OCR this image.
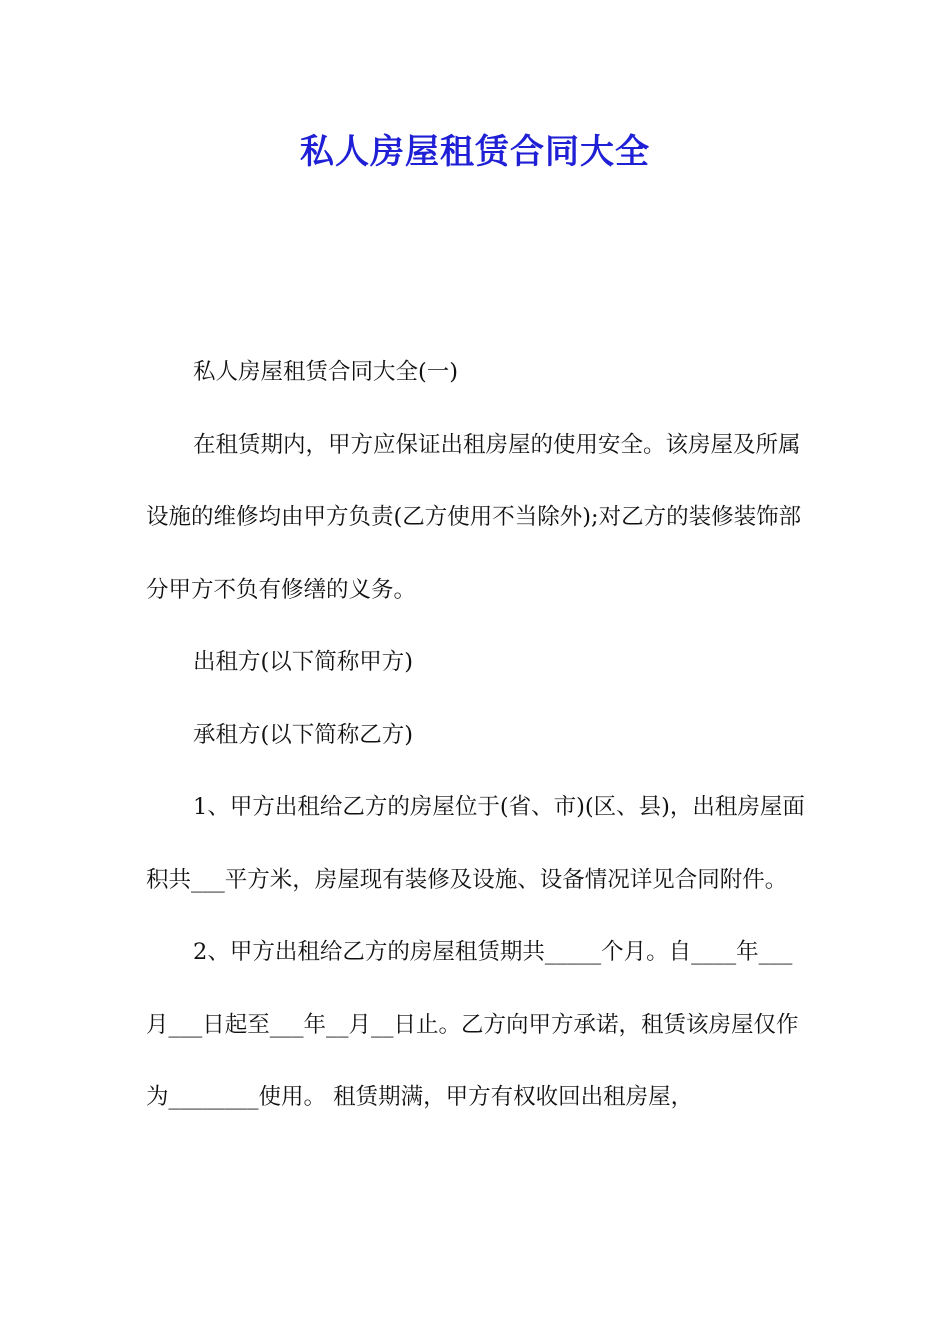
私人房屋租赁合同大全

私人房屋租赁合同大全(一)

在租赁期内，甲方应保证出租房屋的使用安全。该房屋及所属设施的维修均由甲方负责(乙方使用不当除外);对乙方的装修装饰部分甲方不负有修缮的义务。

出租方(以下简称甲方)

承租方(以下简称乙方)

1、甲方出租给乙方的房屋位于(省、市)(区、县)，出租房屋面积共___平方米，房屋现有装修及设施、设备情况详见合同附件。

2、甲方出租给乙方的房屋租赁期共_____个月。自____年___月___日起至___年__月__日止。乙方向甲方承诺，租赁该房屋仅作为________使用。 租赁期满，甲方有权收回出租房屋，
